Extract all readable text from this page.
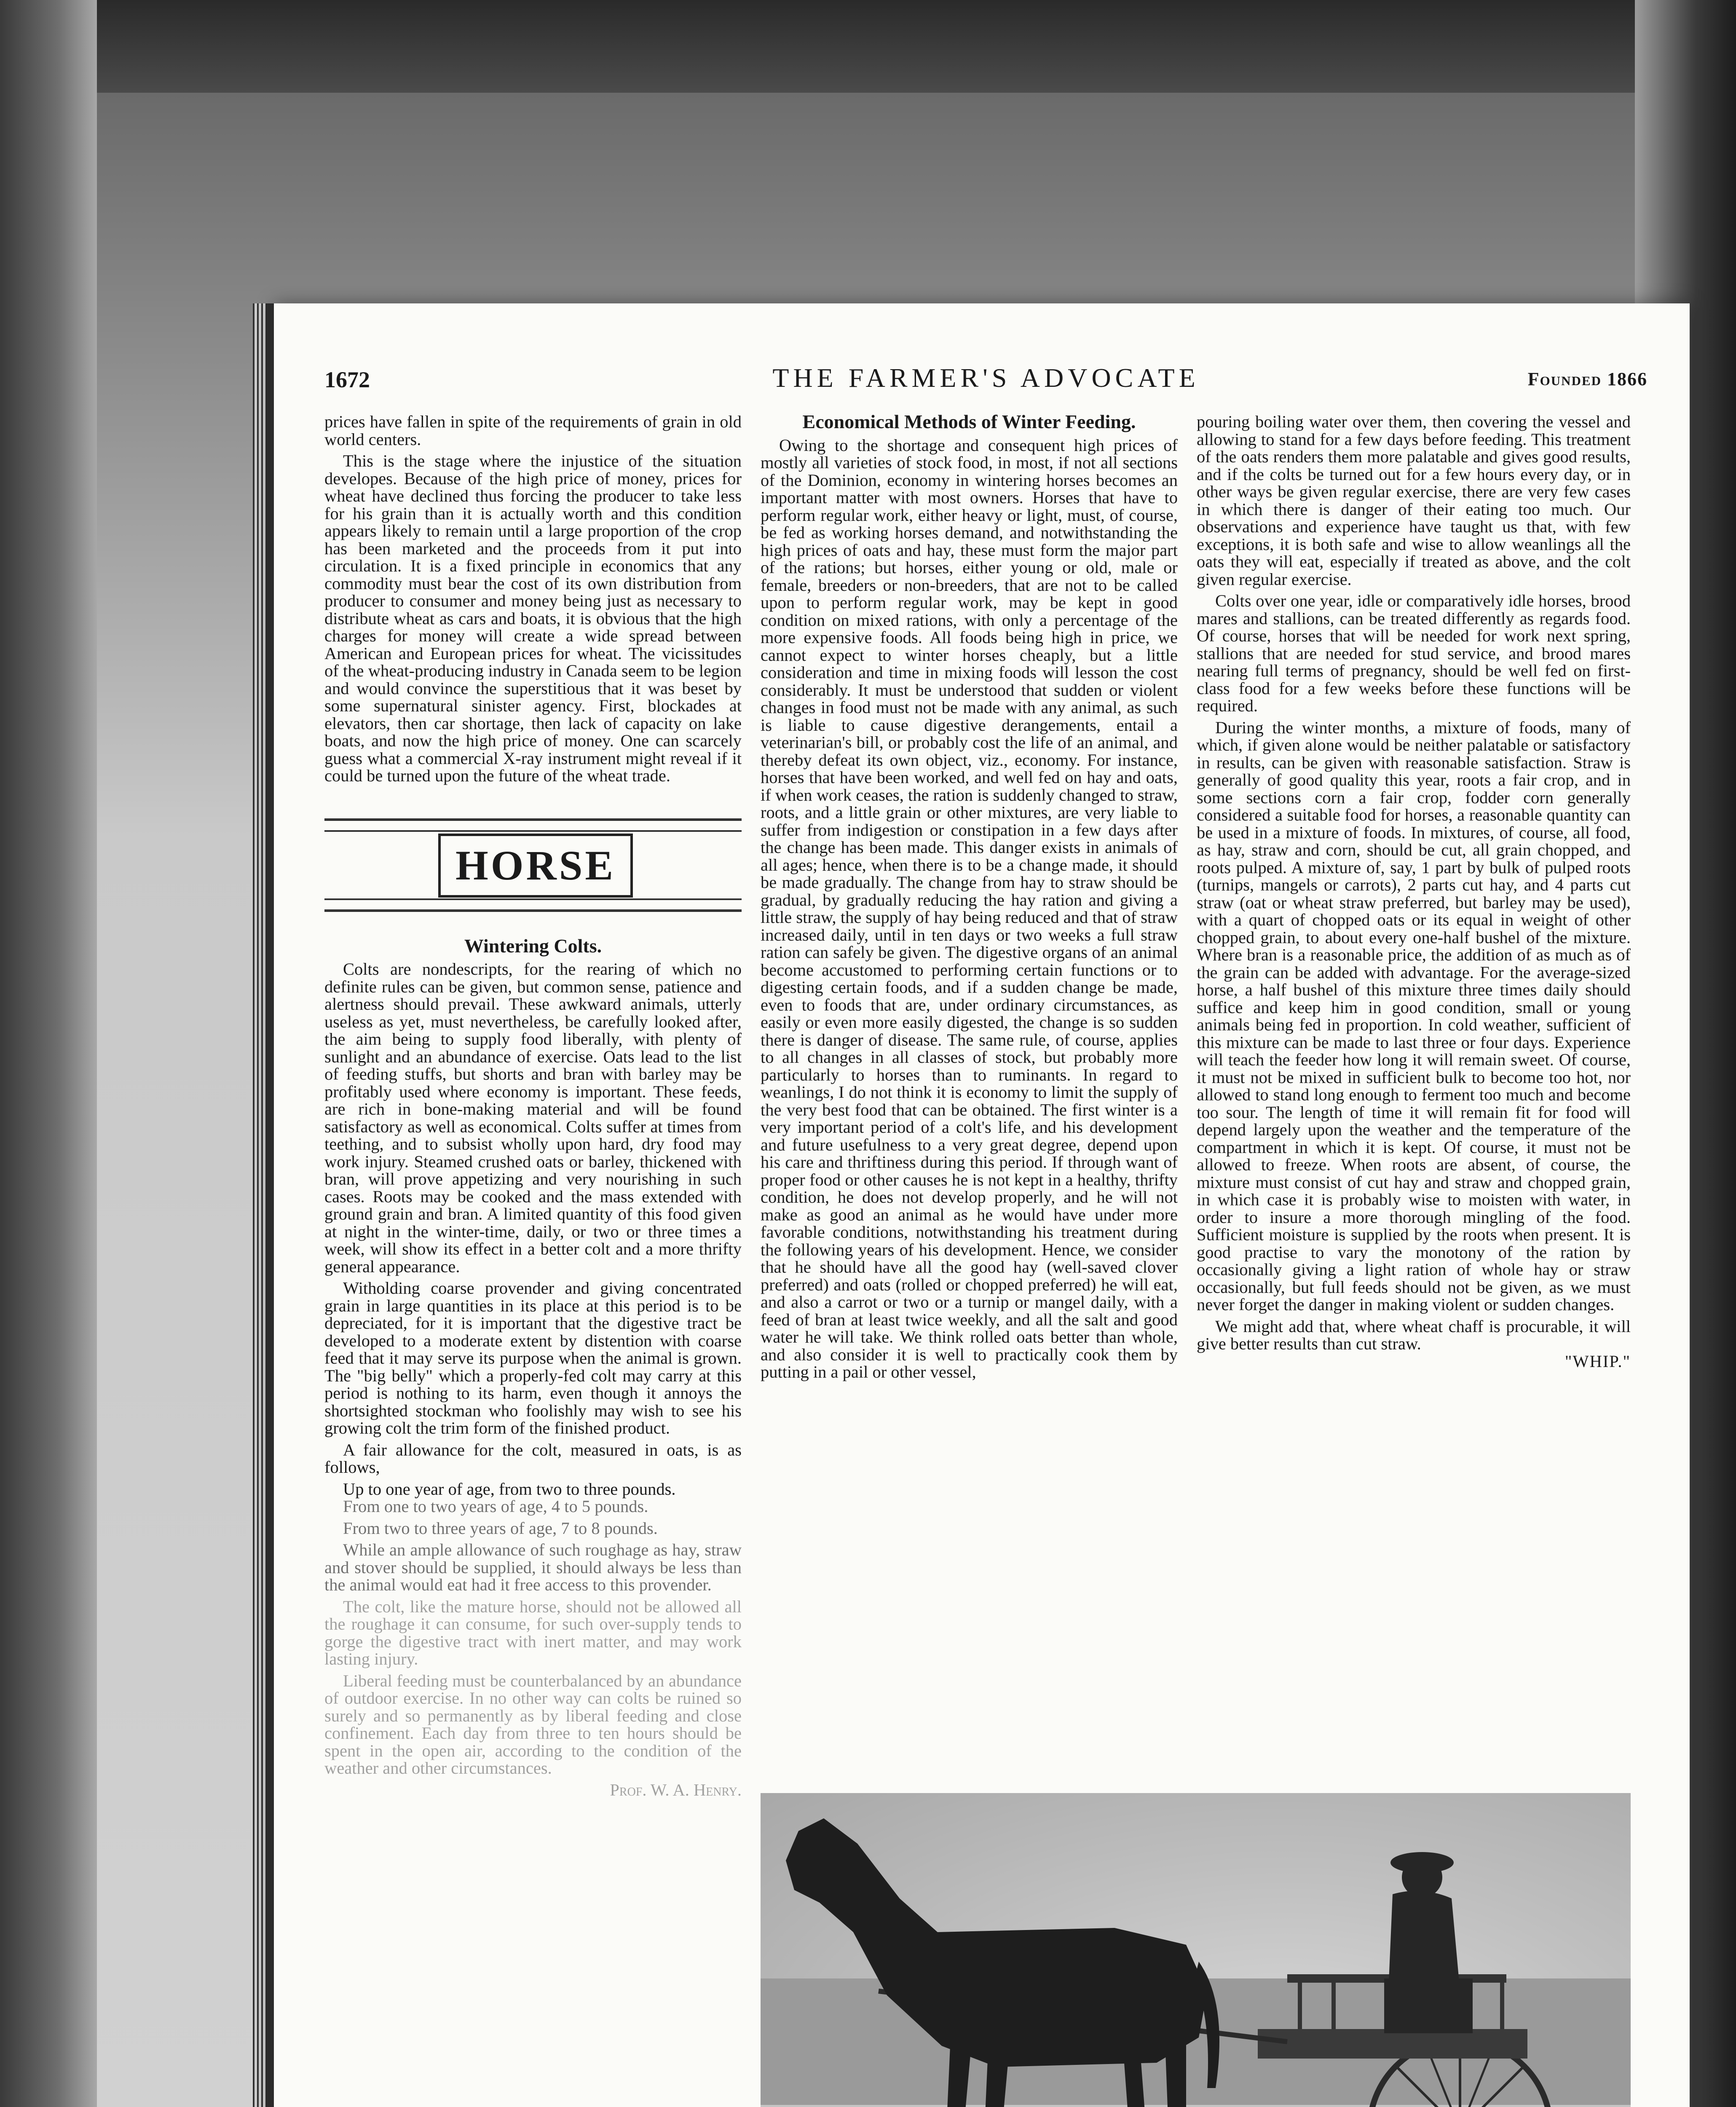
1672	THE FARMER'S ADVOCATE	Founded 1866

prices have fallen in spite of the requirements of grain in old world centers.

This is the stage where the injustice of the situation developes. Because of the high price of money, prices for wheat have declined thus forcing the producer to take less for his grain than it is actually worth and this condition appears likely to remain until a large proportion of the crop has been marketed and the proceeds from it put into circulation. It is a fixed principle in economics that any commodity must bear the cost of its own distribution from producer to consumer and money being just as necessary to distribute wheat as cars and boats, it is obvious that the high charges for money will create a wide spread between American and European prices for wheat. The vicissitudes of the wheat-producing industry in Canada seem to be legion and would convince the superstitious that it was beset by some supernatural sinister agency. First, blockades at elevators, then car shortage, then lack of capacity on lake boats, and now the high price of money. One can scarcely guess what a commercial X-ray instrument might reveal if it could be turned upon the future of the wheat trade.

HORSE
Wintering Colts.

Colts are nondescripts, for the rearing of which no definite rules can be given, but common sense, patience and alertness should prevail. These awkward animals, utterly useless as yet, must nevertheless, be carefully looked after, the aim being to supply food liberally, with plenty of sunlight and an abundance of exercise. Oats lead to the list of feeding stuffs, but shorts and bran with barley may be profitably used where economy is important. These feeds, are rich in bone-making material and will be found satisfactory as well as economical. Colts suffer at times from teething, and to subsist wholly upon hard, dry food may work injury. Steamed crushed oats or barley, thickened with bran, will prove appetizing and very nourishing in such cases. Roots may be cooked and the mass extended with ground grain and bran. A limited quantity of this food given at night in the winter-time, daily, or two or three times a week, will show its effect in a better colt and a more thrifty general appearance.

Witholding coarse provender and giving concentrated grain in large quantities in its place at this period is to be depreciated, for it is important that the digestive tract be developed to a moderate extent by distention with coarse feed that it may serve its purpose when the animal is grown. The "big belly" which a properly-fed colt may carry at this period is nothing to its harm, even though it annoys the shortsighted stockman who foolishly may wish to see his growing colt the trim form of the finished product.

A fair allowance for the colt, measured in oats, is as follows,

Up to one year of age, from two to three pounds.

From one to two years of age, 4 to 5 pounds.

From two to three years of age, 7 to 8 pounds.

While an ample allowance of such roughage as hay, straw and stover should be supplied, it should always be less than the animal would eat had it free access to this provender.

The colt, like the mature horse, should not be allowed all the roughage it can consume, for such over-supply tends to gorge the digestive tract with inert matter, and may work lasting injury.

Liberal feeding must be counterbalanced by an abundance of outdoor exercise. In no other way can colts be ruined so surely and so permanently as by liberal feeding and close confinement. Each day from three to ten hours should be spent in the open air, according to the condition of the weather and other circumstances.

Prof. W. A. Henry.
Economical Methods of Winter Feeding.

Owing to the shortage and consequent high prices of mostly all varieties of stock food, in most, if not all sections of the Dominion, economy in wintering horses becomes an important matter with most owners. Horses that have to perform regular work, either heavy or light, must, of course, be fed as working horses demand, and notwithstanding the high prices of oats and hay, these must form the major part of the rations; but horses, either young or old, male or female, breeders or non-breeders, that are not to be called upon to perform regular work, may be kept in good condition on mixed rations, with only a percentage of the more expensive foods. All foods being high in price, we cannot expect to winter horses cheaply, but a little consideration and time in mixing foods will lesson the cost considerably. It must be understood that sudden or violent changes in food must not be made with any animal, as such is liable to cause digestive derangements, entail a veterinarian's bill, or probably cost the life of an animal, and thereby defeat its own object, viz., economy. For instance, horses that have been worked, and well fed on hay and oats, if when work ceases, the ration is suddenly changed to straw, roots, and a little grain or other mixtures, are very liable to suffer from indigestion or constipation in a few days after the change has been made. This danger exists in animals of all ages; hence, when there is to be a change made, it should be made gradually. The change from hay to straw should be gradual, by gradually reducing the hay ration and giving a little straw, the supply of hay being reduced and that of straw increased daily, until in ten days or two weeks a full straw ration can safely be given. The digestive organs of an animal become accustomed to performing certain functions or to digesting certain foods, and if a sudden change be made, even to foods that are, under ordinary circumstances, as easily or even more easily digested, the change is so sudden there is danger of disease. The same rule, of course, applies to all changes in all classes of stock, but probably more particularly to horses than to ruminants. In regard to weanlings, I do not think it is economy to limit the supply of the very best food that can be obtained. The first winter is a very important period of a colt's life, and his development and future usefulness to a very great degree, depend upon his care and thriftiness during this period. If through want of proper food or other causes he is not kept in a healthy, thrifty condition, he does not develop properly, and he will not make as good an animal as he would have under more favorable conditions, notwithstanding his treatment during the following years of his development. Hence, we consider that he should have all the good hay (well-saved clover preferred) and oats (rolled or chopped preferred) he will eat, and also a carrot or two or a turnip or mangel daily, with a feed of bran at least twice weekly, and all the salt and good water he will take. We think rolled oats better than whole, and also consider it is well to practically cook them by putting in a pail or other vessel,

pouring boiling water over them, then covering the vessel and allowing to stand for a few days before feeding. This treatment of the oats renders them more palatable and gives good results, and if the colts be turned out for a few hours every day, or in other ways be given regular exercise, there are very few cases in which there is danger of their eating too much. Our observations and experience have taught us that, with few exceptions, it is both safe and wise to allow weanlings all the oats they will eat, especially if treated as above, and the colt given regular exercise.

Colts over one year, idle or comparatively idle horses, brood mares and stallions, can be treated differently as regards food. Of course, horses that will be needed for work next spring, stallions that are needed for stud service, and brood mares nearing full terms of pregnancy, should be well fed on first-class food for a few weeks before these functions will be required.

During the winter months, a mixture of foods, many of which, if given alone would be neither palatable or satisfactory in results, can be given with reasonable satisfaction. Straw is generally of good quality this year, roots a fair crop, and in some sections corn a fair crop, fodder corn generally considered a suitable food for horses, a reasonable quantity can be used in a mixture of foods. In mixtures, of course, all food, as hay, straw and corn, should be cut, all grain chopped, and roots pulped. A mixture of, say, 1 part by bulk of pulped roots (turnips, mangels or carrots), 2 parts cut hay, and 4 parts cut straw (oat or wheat straw preferred, but barley may be used), with a quart of chopped oats or its equal in weight of other chopped grain, to about every one-half bushel of the mixture. Where bran is a reasonable price, the addition of as much as of the grain can be added with advantage. For the average-sized horse, a half bushel of this mixture three times daily should suffice and keep him in good condition, small or young animals being fed in proportion. In cold weather, sufficient of this mixture can be made to last three or four days. Experience will teach the feeder how long it will remain sweet. Of course, it must not be mixed in sufficient bulk to become too hot, nor allowed to stand long enough to ferment too much and become too sour. The length of time it will remain fit for food will depend largely upon the weather and the temperature of the compartment in which it is kept. Of course, it must not be allowed to freeze. When roots are absent, of course, the mixture must consist of cut hay and straw and chopped grain, in which case it is probably wise to moisten with water, in order to insure a more thorough mingling of the food. Sufficient moisture is supplied by the roots when present. It is good practise to vary the monotony of the ration by occasionally giving a light ration of whole hay or straw occasionally, but full feeds should not be given, as we must never forget the danger in making violent or sudden changes.

We might add that, where wheat chaff is procurable, it will give better results than cut straw.

"WHIP."
